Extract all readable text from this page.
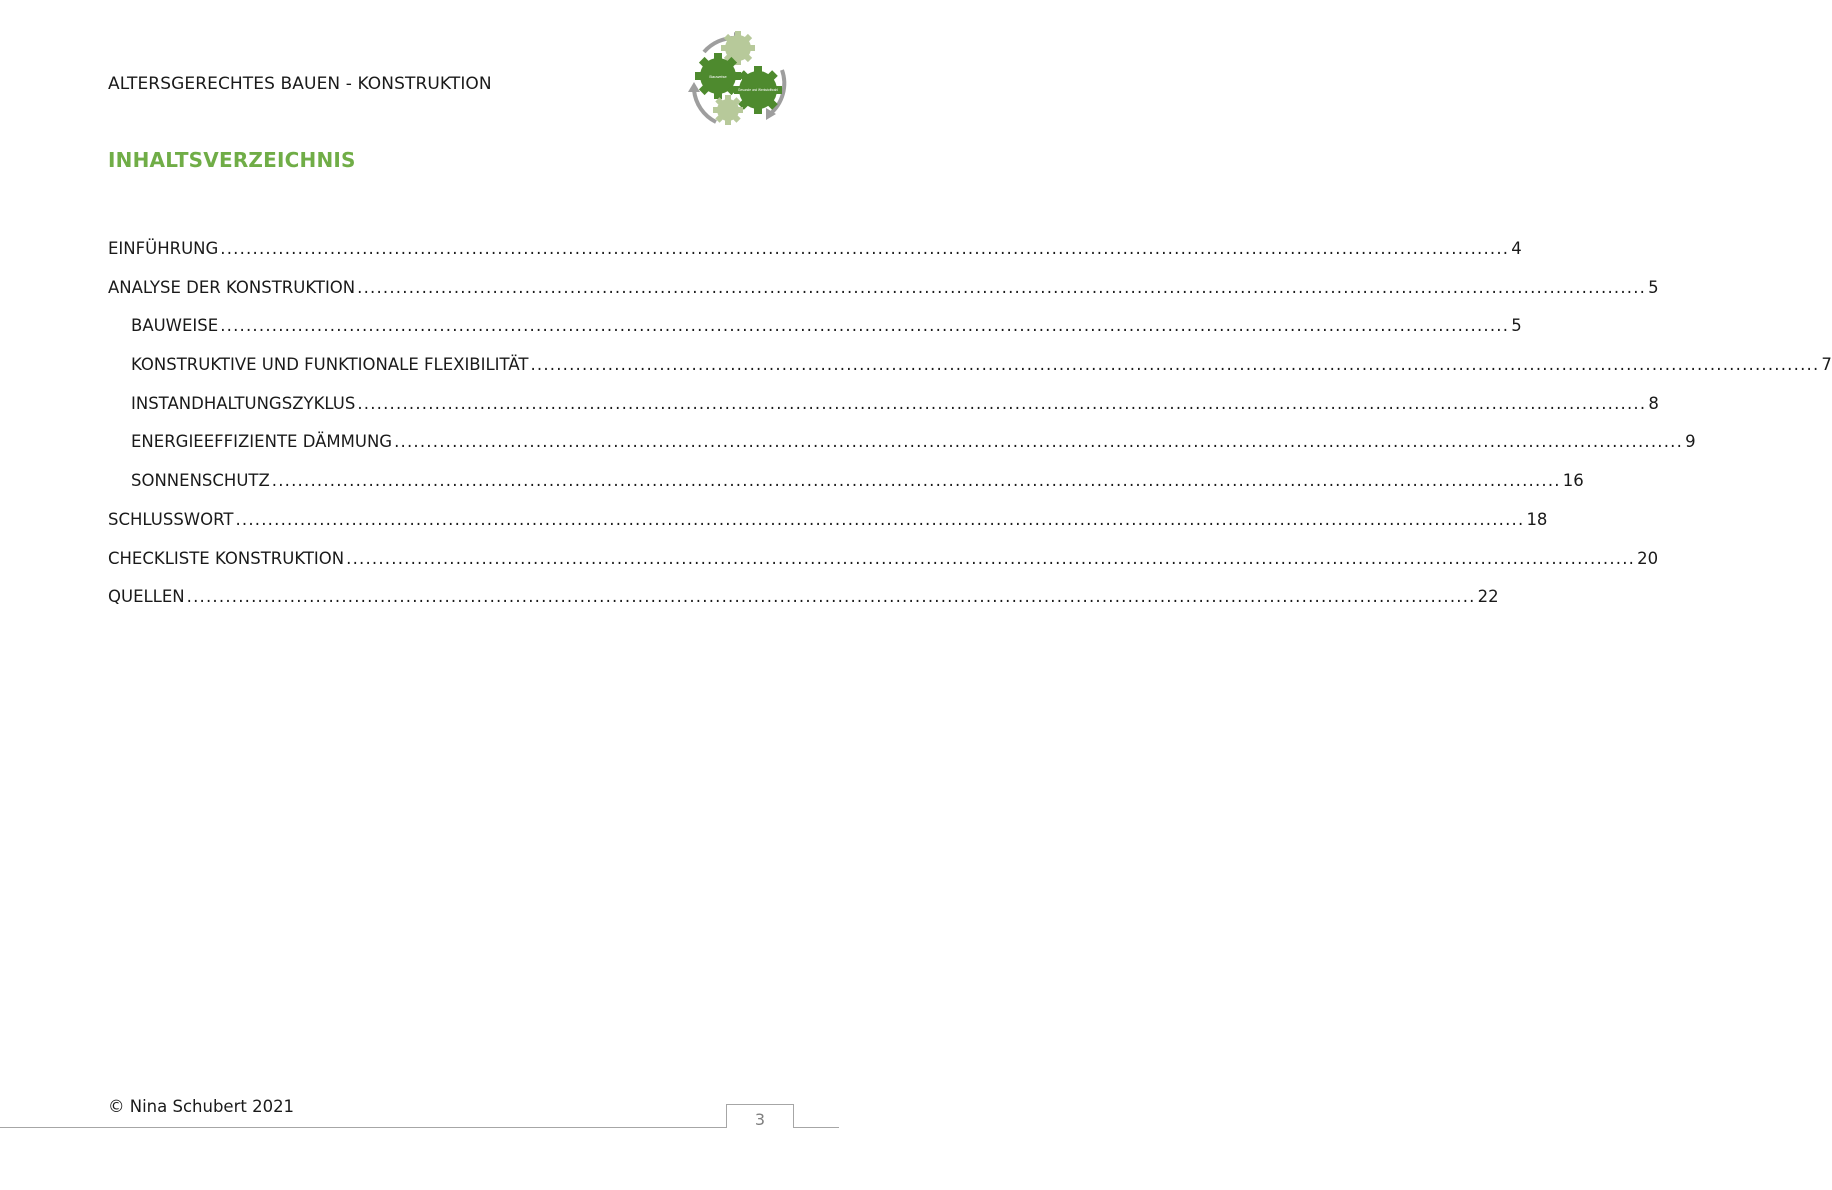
ALTERSGERECHTES BAUEN - KONSTRUKTION	Bauweise
Gesunde und Werkstoffwahl
INHALTSVERZEICHNIS
EINFÜHRUNG ........................................................................................................................................................................................................ 4
ANALYSE DER KONSTRUKTION ........................................................................................................................................................................................................ 5
BAUWEISE ........................................................................................................................................................................................................ 5
KONSTRUKTIVE UND FUNKTIONALE FLEXIBILITÄT ........................................................................................................................................................................................................ 7
INSTANDHALTUNGSZYKLUS ........................................................................................................................................................................................................ 8
ENERGIEEFFIZIENTE DÄMMUNG ........................................................................................................................................................................................................ 9
SONNENSCHUTZ ........................................................................................................................................................................................................ 16
SCHLUSSWORT ........................................................................................................................................................................................................ 18
CHECKLISTE KONSTRUKTION ........................................................................................................................................................................................................ 20
QUELLEN ........................................................................................................................................................................................................ 22
© Nina Schubert 2021
3
